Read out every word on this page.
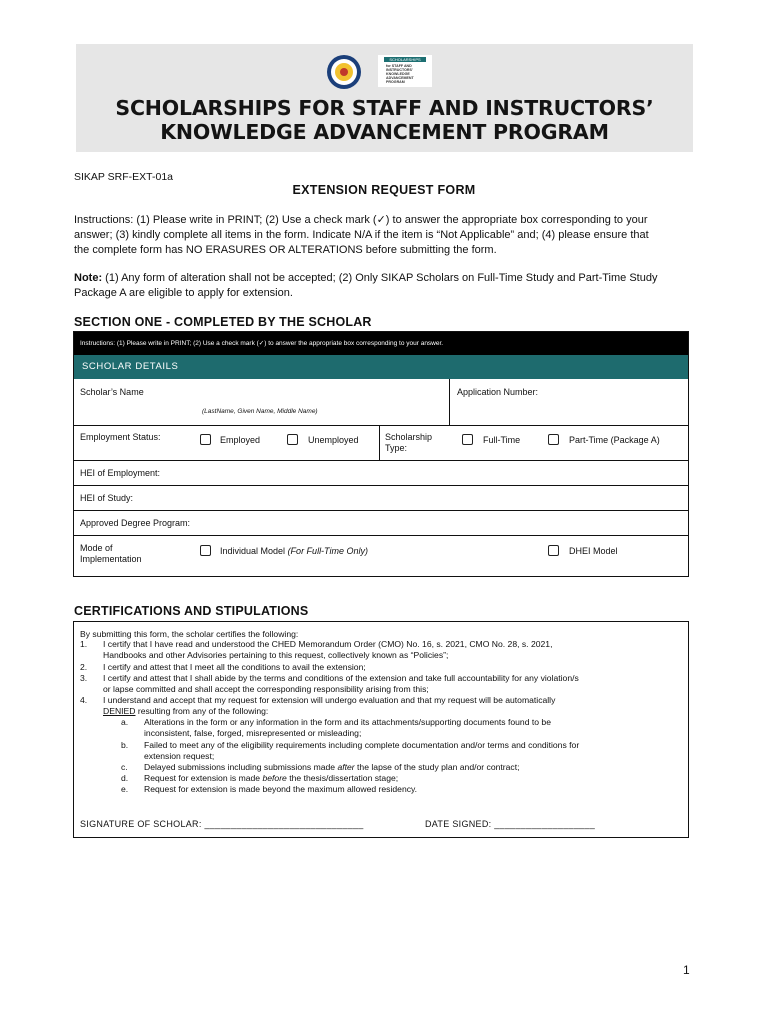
SCHOLARSHIPS
for STAFF AND INSTRUCTORS' KNOWLEDGE ADVANCEMENT PROGRAM
SCHOLARSHIPS FOR STAFF AND INSTRUCTORS’
KNOWLEDGE ADVANCEMENT PROGRAM
SIKAP SRF-EXT-01a
EXTENSION REQUEST FORM
Instructions: (1) Please write in PRINT; (2) Use a check mark (✓) to answer the appropriate box corresponding to your
answer; (3) kindly complete all items in the form. Indicate N/A if the item is “Not Applicable” and; (4) please ensure that
the complete form has NO ERASURES OR ALTERATIONS before submitting the form.
Note: (1) Any form of alteration shall not be accepted; (2) Only SIKAP Scholars on Full-Time Study and Part-Time Study
Package A are eligible to apply for extension.
SECTION ONE - COMPLETED BY THE SCHOLAR
Instructions: (1) Please write in PRINT; (2) Use a check mark (✓) to answer the appropriate box corresponding to your answer.
SCHOLAR DETAILS
Scholar’s Name
(LastName, Given Name, Middle Name)
Application Number:
Employment Status:	Employed	Unemployed	Scholarship
Type:
Full-Time	Part-Time (Package A)
HEI of Employment:
HEI of Study:
Approved Degree Program:
Mode of
Implementation
Individual Model (For Full-Time Only)	DHEI Model
CERTIFICATIONS AND STIPULATIONS
By submitting this form, the scholar certifies the following:
1. I certify that I have read and understood the CHED Memorandum Order (CMO) No. 16, s. 2021, CMO No. 28, s. 2021,
Handbooks and other Advisories pertaining to this request, collectively known as “Policies”;
2. I certify and attest that I meet all the conditions to avail the extension;
3. I certify and attest that I shall abide by the terms and conditions of the extension and take full accountability for any violation/s
or lapse committed and shall accept the corresponding responsibility arising from this;
4. I understand and accept that my request for extension will undergo evaluation and that my request will be automatically
DENIED resulting from any of the following:
a. Alterations in the form or any information in the form and its attachments/supporting documents found to be
inconsistent, false, forged, misrepresented or misleading;
b. Failed to meet any of the eligibility requirements including complete documentation and/or terms and conditions for
extension request;
c. Delayed submissions including submissions made after the lapse of the study plan and/or contract;
d. Request for extension is made before the thesis/dissertation stage;
e. Request for extension is made beyond the maximum allowed residency.
SIGNATURE OF SCHOLAR: ______________________________	DATE SIGNED: ___________________
1
